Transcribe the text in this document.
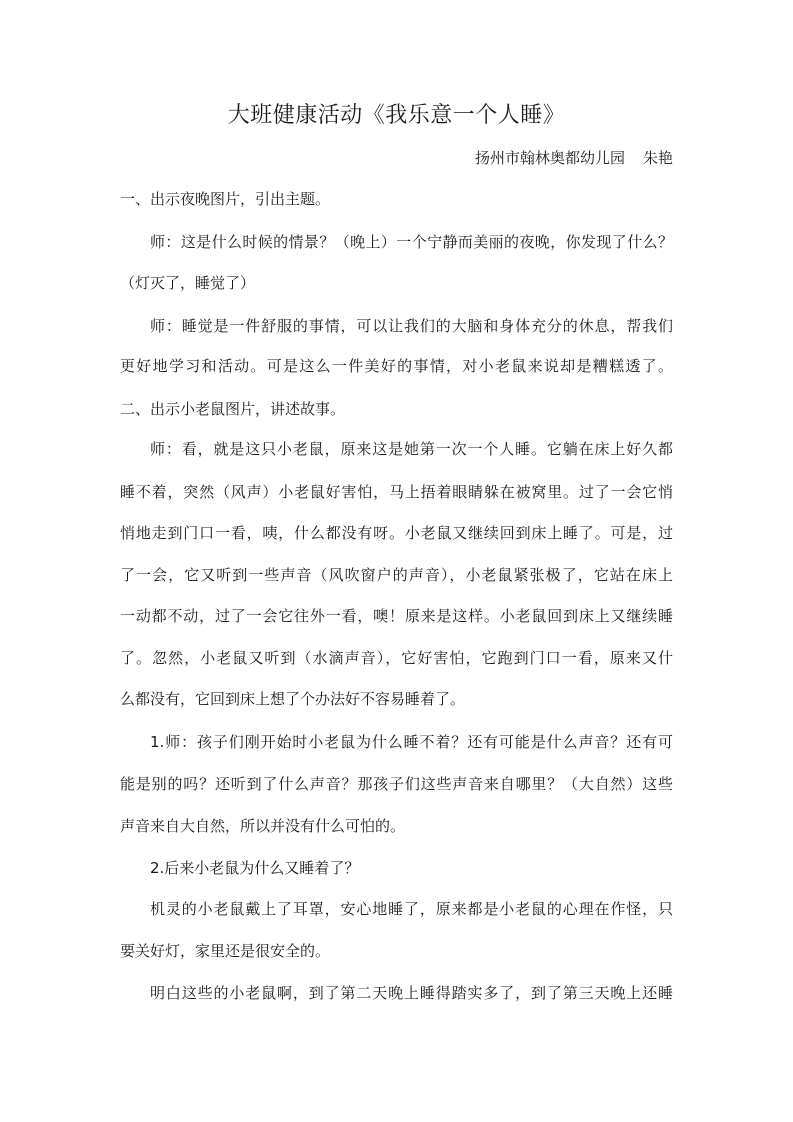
大班健康活动《我乐意一个人睡》
扬州市翰林奥都幼儿园 朱艳
一、出示夜晚图片，引出主题。
师：这是什么时候的情景？（晚上）一个宁静而美丽的夜晚，你发现了什么？
（灯灭了，睡觉了）
师：睡觉是一件舒服的事情，可以让我们的大脑和身体充分的休息，帮我们
更好地学习和活动。可是这么一件美好的事情，对小老鼠来说却是糟糕透了。
二、出示小老鼠图片，讲述故事。
师：看，就是这只小老鼠，原来这是她第一次一个人睡。它躺在床上好久都
睡不着，突然（风声）小老鼠好害怕，马上捂着眼睛躲在被窝里。过了一会它悄
悄地走到门口一看，咦，什么都没有呀。小老鼠又继续回到床上睡了。可是，过
了一会，它又听到一些声音（风吹窗户的声音），小老鼠紧张极了，它站在床上
一动都不动，过了一会它往外一看，噢！原来是这样。小老鼠回到床上又继续睡
了。忽然，小老鼠又听到（水滴声音），它好害怕，它跑到门口一看，原来又什
么都没有，它回到床上想了个办法好不容易睡着了。
1.师：孩子们刚开始时小老鼠为什么睡不着？还有可能是什么声音？还有可
能是别的吗？还听到了什么声音？那孩子们这些声音来自哪里？（大自然）这些
声音来自大自然，所以并没有什么可怕的。
2.后来小老鼠为什么又睡着了？
机灵的小老鼠戴上了耳罩，安心地睡了，原来都是小老鼠的心理在作怪，只
要关好灯，家里还是很安全的。
明白这些的小老鼠啊，到了第二天晚上睡得踏实多了，到了第三天晚上还睡
